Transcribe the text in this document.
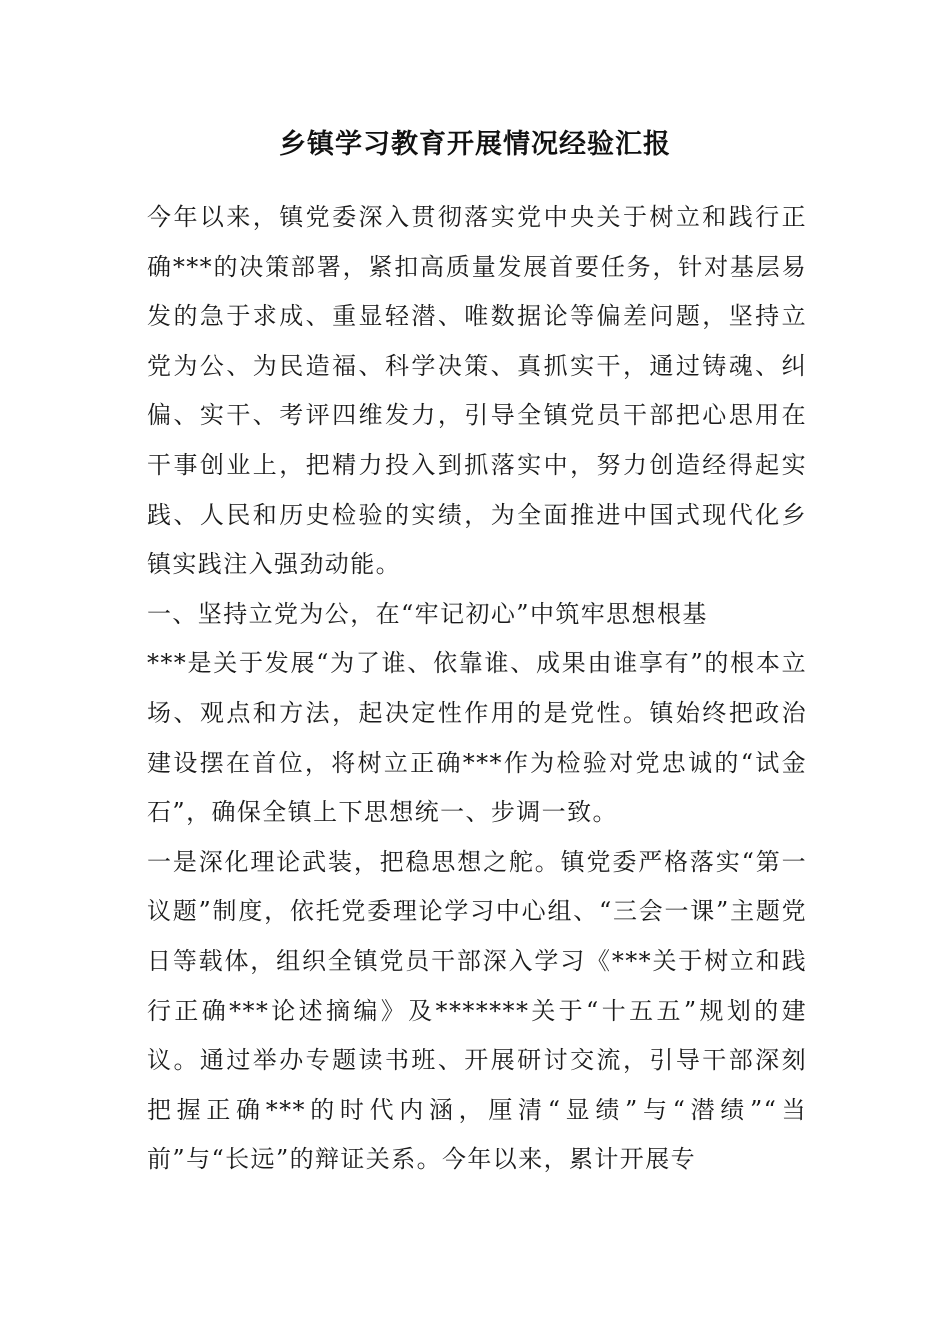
乡镇学习教育开展情况经验汇报

今年以来，镇党委深入贯彻落实党中央关于树立和践行正确***的决策部署，紧扣高质量发展首要任务，针对基层易发的急于求成、重显轻潜、唯数据论等偏差问题，坚持立党为公、为民造福、科学决策、真抓实干，通过铸魂、纠偏、实干、考评四维发力，引导全镇党员干部把心思用在干事创业上，把精力投入到抓落实中，努力创造经得起实践、人民和历史检验的实绩，为全面推进中国式现代化乡镇实践注入强劲动能。

一、坚持立党为公，在“牢记初心”中筑牢思想根基

***是关于发展“为了谁、依靠谁、成果由谁享有”的根本立场、观点和方法，起决定性作用的是党性。镇始终把政治建设摆在首位，将树立正确***作为检验对党忠诚的“试金石”，确保全镇上下思想统一、步调一致。

一是深化理论武装，把稳思想之舵。镇党委严格落实“第一议题”制度，依托党委理论学习中心组、“三会一课”主题党日等载体，组织全镇党员干部深入学习《***关于树立和践行正确***论述摘编》及*******关于“十五五”规划的建议。通过举办专题读书班、开展研讨交流，引导干部深刻把握正确***的时代内涵，厘清“显绩”与“潜绩”“当前”与“长远”的辩证关系。今年以来，累计开展专
